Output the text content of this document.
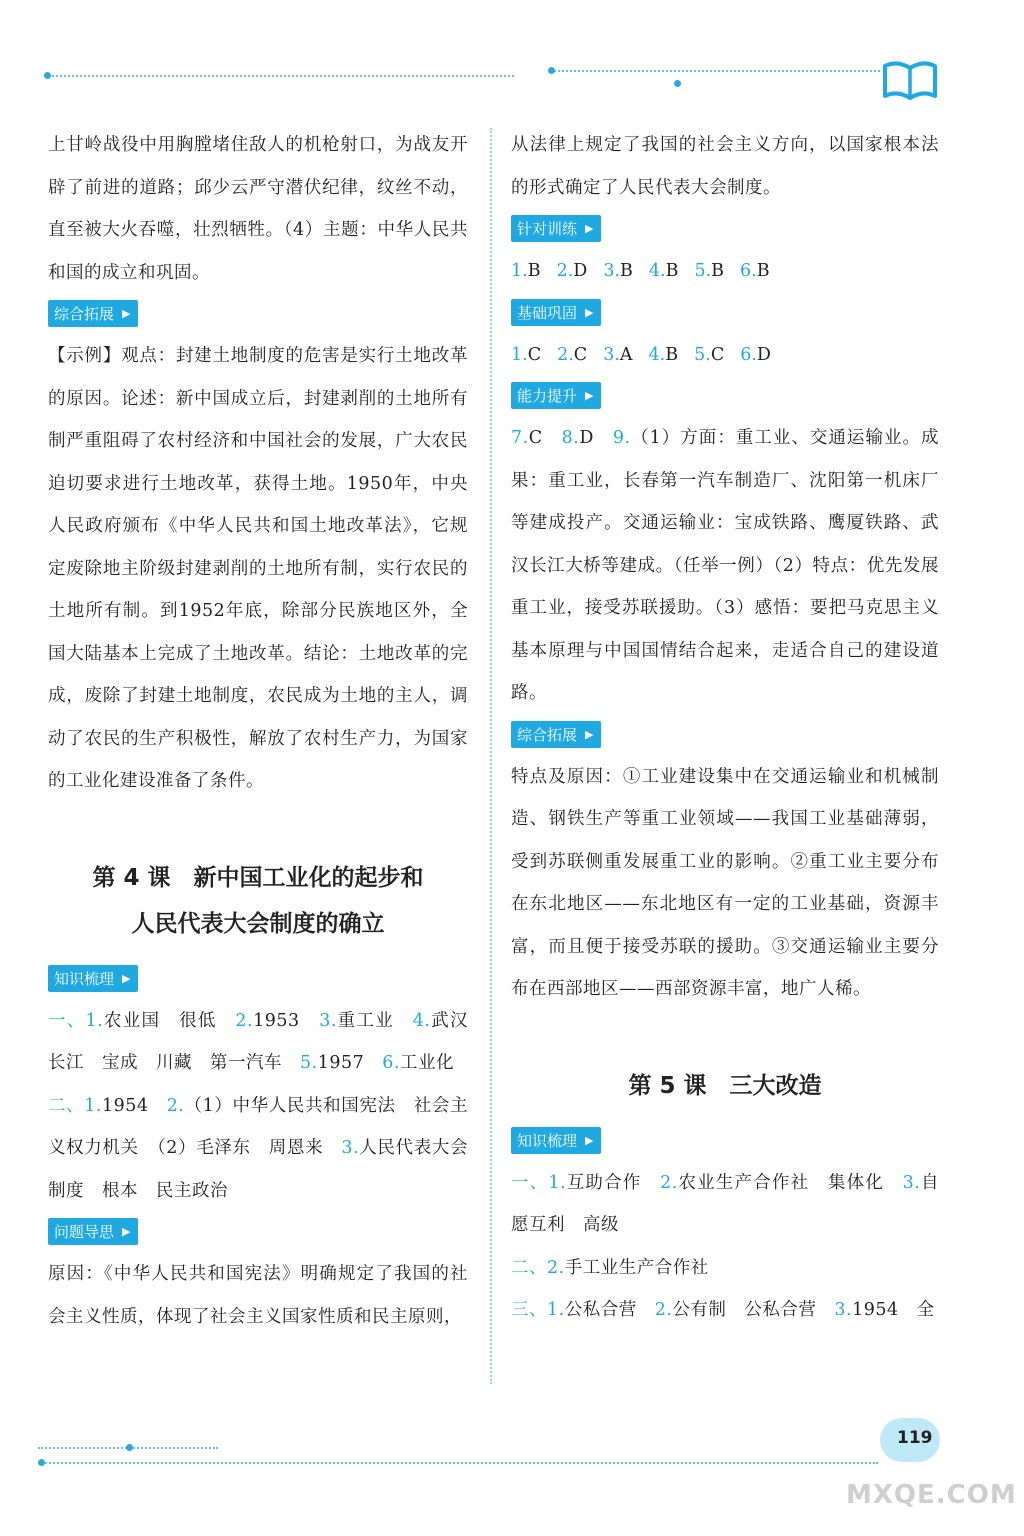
上甘岭战役中用胸膛堵住敌人的机枪射口，为战友开辟了前进的道路；邱少云严守潜伏纪律，纹丝不动，直至被大火吞噬，壮烈牺牲。（4）主题：中华人民共和国的成立和巩固。

综合拓展 ▶

【示例】观点：封建土地制度的危害是实行土地改革的原因。论述：新中国成立后，封建剥削的土地所有制严重阻碍了农村经济和中国社会的发展，广大农民迫切要求进行土地改革，获得土地。1950年，中央人民政府颁布《中华人民共和国土地改革法》，它规定废除地主阶级封建剥削的土地所有制，实行农民的土地所有制。到1952年底，除部分民族地区外，全国大陆基本上完成了土地改革。结论：土地改革的完成，废除了封建土地制度，农民成为土地的主人，调动了农民的生产积极性，解放了农村生产力，为国家的工业化建设准备了条件。

第 4 课　新中国工业化的起步和
人民代表大会制度的确立
知识梳理 ▶

一、1.农业国　很低　2.1953　3.重工业　4.武汉长江　宝成　川藏　第一汽车　5.1957　6.工业化

二、1.1954　2.（1）中华人民共和国宪法　社会主义权力机关　（2）毛泽东　周恩来　3.人民代表大会制度　根本　民主政治

问题导思 ▶

原因：《中华人民共和国宪法》明确规定了我国的社会主义性质，体现了社会主义国家性质和民主原则，

从法律上规定了我国的社会主义方向，以国家根本法的形式确定了人民代表大会制度。

针对训练 ▶

1.B 2.D 3.B 4.B 5.B 6.B

基础巩固 ▶

1.C 2.C 3.A 4.B 5.C 6.D

能力提升 ▶

7.C　8.D　9.（1）方面：重工业、交通运输业。成果：重工业，长春第一汽车制造厂、沈阳第一机床厂等建成投产。交通运输业：宝成铁路、鹰厦铁路、武汉长江大桥等建成。（任举一例）（2）特点：优先发展重工业，接受苏联援助。（3）感悟：要把马克思主义基本原理与中国国情结合起来，走适合自己的建设道路。

综合拓展 ▶

特点及原因：①工业建设集中在交通运输业和机械制造、钢铁生产等重工业领域——我国工业基础薄弱，受到苏联侧重发展重工业的影响。②重工业主要分布在东北地区——东北地区有一定的工业基础，资源丰富，而且便于接受苏联的援助。③交通运输业主要分布在西部地区——西部资源丰富，地广人稀。

第 5 课　三大改造
知识梳理 ▶

一、1.互助合作　2.农业生产合作社　集体化　3.自愿互利　高级

二、2.手工业生产合作社

三、1.公私合营　2.公有制　公私合营　3.1954　全

119
MXQE.COM
